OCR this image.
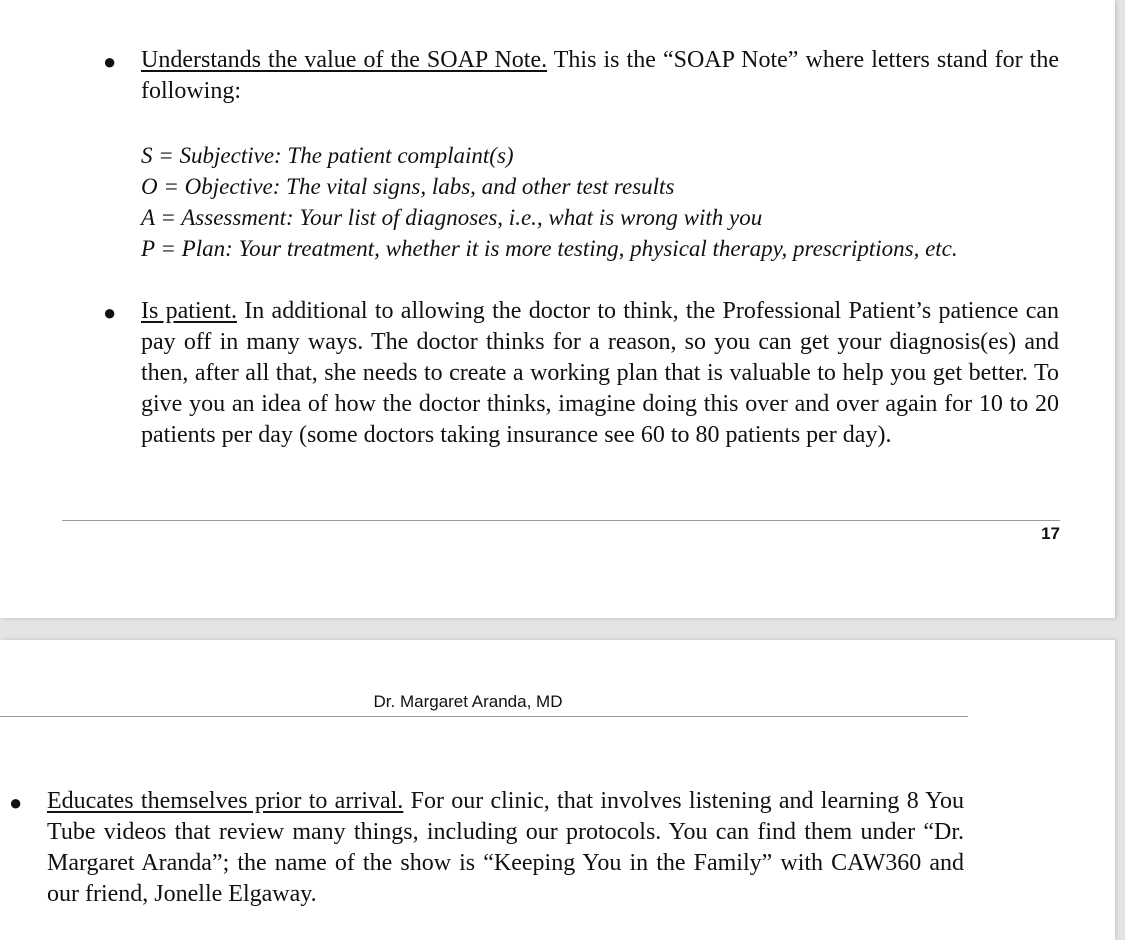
● Understands the value of the SOAP Note. This is the “SOAP Note” where letters stand for the following:
S = Subjective: The patient complaint(s)
O = Objective: The vital signs, labs, and other test results
A = Assessment: Your list of diagnoses, i.e., what is wrong with you
P = Plan: Your treatment, whether it is more testing, physical therapy, prescriptions, etc.
● Is patient. In additional to allowing the doctor to think, the Professional Patient’s patience can pay off in many ways. The doctor thinks for a reason, so you can get your diagnosis(es) and then, after all that, she needs to create a working plan that is valuable to help you get better. To give you an idea of how the doctor thinks, imagine doing this over and over again for 10 to 20 patients per day (some doctors taking insurance see 60 to 80 patients per day).
17
Dr. Margaret Aranda, MD
● Educates themselves prior to arrival. For our clinic, that involves listening and learning 8 You Tube videos that review many things, including our protocols. You can find them under “Dr. Margaret Aranda”; the name of the show is “Keeping You in the Family” with CAW360 and our friend, Jonelle Elgaway.
